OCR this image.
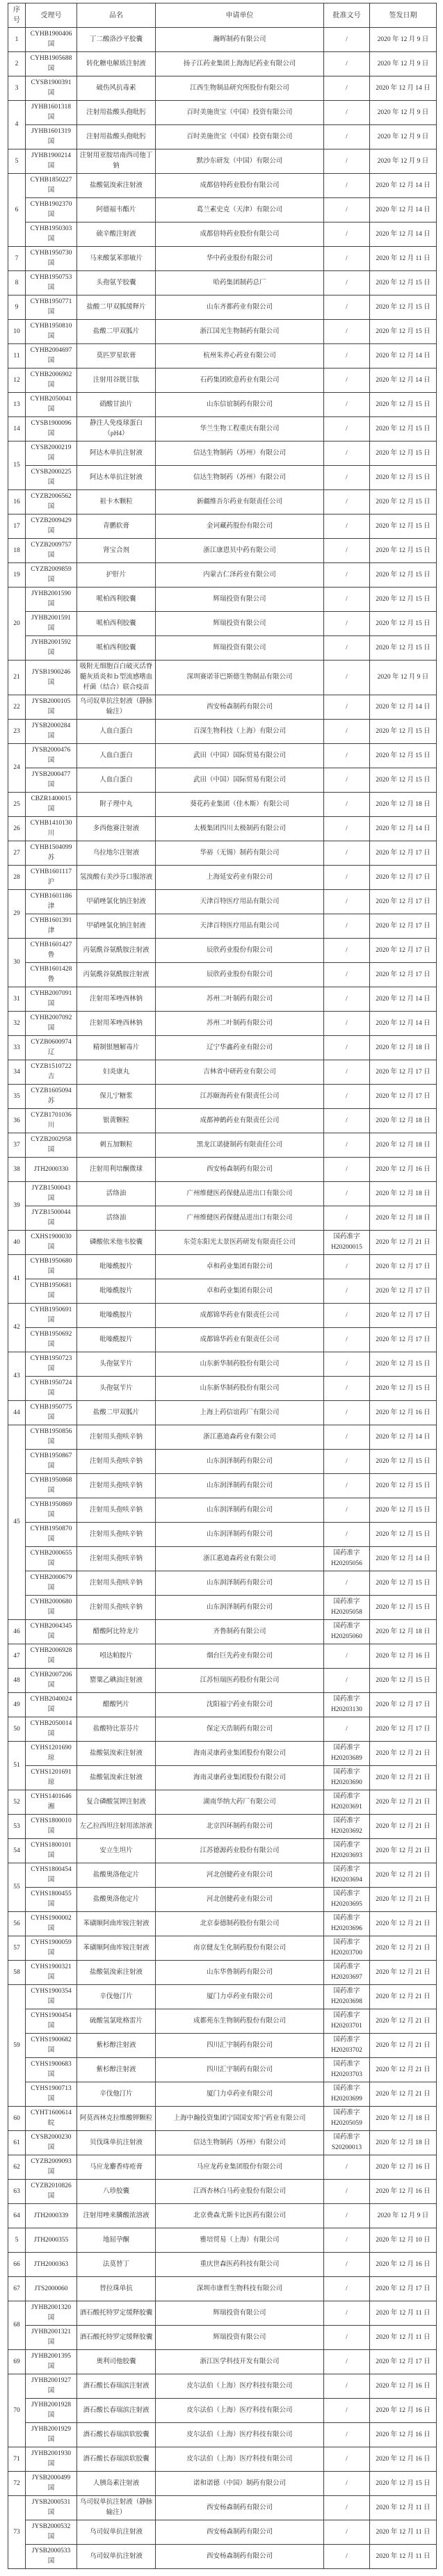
序号	受理号	品名	申请单位	批准文号	签发日期
1	CYHB1900406 国	丁二酸洛沙平胶囊	瀚晖制药有限公司	/	2020 年 12 月 9 日
2	CYHB1905688 国	转化糖电解质注射液	扬子江药业集团上海海尼药业有限公司	/	2020 年 12 月 9 日
3	CYSB1900391 国	破伤风抗毒素	江西生物制品研究所股份有限公司	/	2020 年 12 月 14 日
4	JYHB1601318 国	注射用盐酸头孢吡肟	百时美施贵宝（中国）投资有限公司	/	2020 年 12 月 9 日
	JYHB1601319 国	注射用盐酸头孢吡肟	百时美施贵宝（中国）投资有限公司	/	2020 年 12 月 9 日
5	JYHB1900214 国	注射用亚胺培南西司他丁钠	默沙东研发（中国）有限公司	/	2020 年 12 月 9 日
6	CYHB1850227 国	盐酸氨溴索注射液	成都倍特药业股份有限公司	/	2020 年 12 月 14 日
	CYHB1902370 国	阿德福韦酯片	葛兰素史克（天津）有限公司	/	2020 年 12 月 14 日
	CYHB1950303 国	硫辛酸注射液	成都倍特药业股份有限公司	/	2020 年 12 月 14 日
7	CYHB1950730 国	马来酸氯苯那敏片	华中药业股份有限公司	/	2020 年 12 月 11 日
8	CYHB1950753 国	头孢氨苄胶囊	哈药集团制药总厂	/	2020 年 12 月 15 日
9	CYHB1950771 国	盐酸二甲双胍缓释片	山东齐都药业有限公司	/	2020 年 12 月 15 日
10	CYHB1950810 国	盐酸二甲双胍片	浙江国光生物制药有限公司	/	2020 年 12 月 15 日
11	CYHB2004697 国	莫匹罗星软膏	杭州朱养心药业有限公司	/	2020 年 12 月 14 日
12	CYHB2006902 国	注射用谷胱甘肽	石药集团欧意药业有限公司	/	2020 年 12 月 14 日
13	CYHB2050041 国	硝酸甘油片	山东信谊制药有限公司	/	2020 年 12 月 15 日
14	CYSB1900096 国	静注人免疫球蛋白（pH4）	华兰生物工程重庆有限公司	/	2020 年 12 月 15 日
15	CYSB2000219 国	阿达木单抗注射液	信达生物制药（苏州）有限公司	/	2020 年 12 月 15 日
	CYSB2000225 国	阿达木单抗注射液	信达生物制药（苏州）有限公司	/	2020 年 12 月 15 日
16	CYZB2006562 国	祖卡木颗粒	新疆维吾尔药业有限责任公司	/	2020 年 12 月 15 日
17	CYZB2009429 国	青鹏软膏	金诃藏药股份有限公司	/	2020 年 12 月 15 日
18	CYZB2009757 国	肾宝合剂	浙江康恩贝中药有限公司	/	2020 年 12 月 15 日
19	CYZB2009859 国	护肝片	内蒙古仁泽药业有限公司	/	2020 年 12 月 15 日
20	JYHB2001590 国	哌柏西利胶囊	辉瑞投资有限公司	/	2020 年 12 月 15 日
	JYHB2001591 国	哌柏西利胶囊	辉瑞投资有限公司	/	2020 年 12 月 15 日
	JYHB2001592 国	哌柏西利胶囊	辉瑞投资有限公司	/	2020 年 12 月 15 日
21	JYSB1900246 国	吸附无细胞百白破灭活脊髓灰质炎和ｂ型流感嗜血杆菌（结合）联合疫苗	深圳赛诺菲巴斯德生物制品有限公司	/	2020 年 12 月 9 日
22	JYSB2000105 国	乌司奴单抗注射液（静脉输注）	西安杨森制药有限公司	/	2020 年 12 月 14 日
23	JYSB2000284 国	人血白蛋白	百深生物科技（上海）有限公司	/	2020 年 12 月 15 日
24	JYSB2000476 国	人血白蛋白	武田（中国）国际贸易有限公司	/	2020 年 12 月 15 日
	JYSB2000477 国	人血白蛋白	武田（中国）国际贸易有限公司	/	2020 年 12 月 15 日
25	CBZR1400015 国	附子理中丸	葵花药业集团（佳木斯）有限公司	/	2020 年 12 月 18 日
26	CYHB1410130 川	多西他赛注射液	太极集团四川太极制药有限公司	/	2020 年 12 月 14 日
27	CYHB1504099 苏	乌拉地尔注射液	华裕（无锡）制药有限公司	/	2020 年 12 月 17 日
28	CYHB1601117 沪	氢溴酸右美沙芬口服溶液	上海延安药业有限公司	/	2020 年 12 月 17 日
29	CYHB1601186 津	甲硝唑氯化钠注射液	天津百特医疗用品有限公司	/	2020 年 12 月 17 日
	CYHB1601391 津	甲硝唑氯化钠注射液	天津百特医疗用品有限公司	/	2020 年 12 月 17 日
30	CYHB1601427 鲁	丙氨酰谷氨酰胺注射液	辰欣药业股份有限公司	/	2020 年 12 月 17 日
	CYHB1601428 鲁	丙氨酰谷氨酰胺注射液	辰欣药业股份有限公司	/	2020 年 12 月 17 日
31	CYHB2007091 国	注射用苯唑西林钠	苏州二叶制药有限公司	/	2020 年 12 月 14 日
32	CYHB2007092 国	注射用苯唑西林钠	苏州二叶制药有限公司	/	2020 年 12 月 14 日
33	CYZB0600974 辽	精制银翘解毒片	辽宁华鑫药业有限公司	/	2020 年 12 月 18 日
34	CYZB1510722 吉	妇炎康丸	吉林省中研药业有限公司	/	2020 年 12 月 17 日
35	CYZB1605094 苏	保儿宁糖浆	江苏颐海药业有限责任公司	/	2020 年 12 月 17 日
36	CYZB1701036 川	银黄颗粒	成都神鹤药业有限责任公司	/	2020 年 12 月 18 日
37	CYZB2002958 国	刺五加颗粒	黑龙江诺捷制药有限责任公司	/	2020 年 12 月 18 日
38	JTH2000330	注射用利培酮微球	西安杨森制药有限公司	/	2020 年 12 月 16 日
39	JYZB1500043 国	活络油	广州维健医药保健品进出口有限公司	/	2020 年 12 月 18 日
	JYZB1500044 国	活络油	广州维健医药保健品进出口有限公司	/	2020 年 12 月 18 日
40	CXHS1900030 国	磷酸依米他韦胶囊	东莞东阳光太景医药研发有限责任公司	国药准字H20200015	2020 年 12 月 21 日
41	CYHB1950680 国	吡嗪酰胺片	卓和药业集团有限公司	/	2020 年 12 月 17 日
	CYHB1950681 国	吡嗪酰胺片	卓和药业集团有限公司	/	2020 年 12 月 17 日
42	CYHB1950691 国	吡嗪酰胺片	成都锦华药业有限责任公司	/	2020 年 12 月 17 日
	CYHB1950692 国	吡嗪酰胺片	成都锦华药业有限责任公司	/	2020 年 12 月 17 日
43	CYHB1950723 国	头孢氨苄片	山东新华制药股份有限公司	/	2020 年 12 月 15 日
	CYHB1950724 国	头孢氨苄片	山东新华制药股份有限公司	/	2020 年 12 月 15 日
44	CYHB1950775 国	盐酸二甲双胍片	上海上药信谊药厂有限公司	/	2020 年 12 月 16 日
45	CYHB1950856 国	注射用头孢呋辛钠	浙江惠迪森药业有限公司	/	2020 年 12 月 14 日
	CYHB1950867 国	注射用头孢呋辛钠	山东润泽制药有限公司	/	2020 年 12 月 15 日
	CYHB1950868 国	注射用头孢呋辛钠	山东润泽制药有限公司	/	2020 年 12 月 15 日
	CYHB1950869 国	注射用头孢呋辛钠	山东润泽制药有限公司	/	2020 年 12 月 15 日
	CYHB1950870 国	注射用头孢呋辛钠	山东润泽制药有限公司	/	2020 年 12 月 15 日
	CYHB2000655 国	注射用头孢呋辛钠	浙江惠迪森药业有限公司	国药准字H20205056	2020 年 12 月 14 日
	CYHB2000679 国	注射用头孢呋辛钠	山东润泽制药有限公司	/	2020 年 12 月 15 日
	CYHB2000680 国	注射用头孢呋辛钠	山东润泽制药有限公司	国药准字H20205058	2020 年 12 月 15 日
46	CYHB2004345 国	醋酸阿比特龙片	齐鲁制药有限公司	国药准字H20205060	2020 年 12 月 18 日
47	CYHB2006928 国	吲达帕胺片	烟台巨先药业有限公司	/	2020 年 12 月 16 日
48	CYHB2007206 国	罂粟乙碘油注射液	江苏恒瑞医药股份有限公司	/	2020 年 12 月 15 日
49	CYHB2040024 国	醋酸钙片	沈阳福宁药业有限公司	国药准字H20203130	2020 年 12 月 17 日
50	CYHB2050014 国	盐酸特比萘芬片	保定天浩制药有限公司	/	2020 年 12 月 17 日
51	CYHS1201690 琼	盐酸氨溴索注射液	海南灵康药业集团股份有限公司	国药准字H20203689	2020 年 12 月 21 日
	CYHS1201691 琼	盐酸氨溴索注射液	海南灵康药业集团股份有限公司	国药准字H20203690	2020 年 12 月 21 日
52	CYHS1401646 湘	复合磷酸氢钾注射液	湖南华纳大药厂有限公司	国药准字H20203691	2020 年 12 月 21 日
53	CYHS1800010 国	左乙拉西坦注射用浓溶液	北京四环制药有限公司	国药准字H20203692	2020 年 12 月 21 日
54	CYHS1800101 国	安立生坦片	江苏德源药业股份有限公司	国药准字H20203693	2020 年 12 月 21 日
55	CYHS1800454 国	盐酸奥洛他定片	河北创健药业有限公司	国药准字H20203694	2020 年 12 月 21 日
	CYHS1800455 国	盐酸奥洛他定片	河北创健药业有限公司	国药准字H20203695	2020 年 12 月 21 日
56	CYHS1900002 国	苯磺顺阿曲库铵注射液	北京泰德制药股份有限公司	国药准字H20203696	2020 年 12 月 21 日
57	CYHS1900059 国	苯磺顺阿曲库铵注射液	南京健友生化制药股份有限公司	国药准字H20203700	2020 年 12 月 21 日
58	CYHS1900321 国	盐酸氨溴索注射液	山东华鲁制药有限公司	国药准字H20203697	2020 年 12 月 21 日
59	CYHS1900354 国	辛伐他汀片	厦门力卓药业有限公司	国药准字H20203698	2020 年 12 月 21 日
	CYHS1900454 国	硫酸氢氯吡格雷片	成都苑东生物制药股份有限公司	国药准字H20203701	2020 年 12 月 21 日
	CYHS1900682 国	紫杉醇注射液	四川汇宇制药有限公司	国药准字H20203702	2020 年 12 月 21 日
	CYHS1900683 国	紫杉醇注射液	四川汇宇制药有限公司	国药准字H20203703	2020 年 12 月 21 日
	CYHS1900713 国	辛伐他汀片	厦门力卓药业有限公司	国药准字H20203699	2020 年 12 月 21 日
60	CYHT1600614 皖	阿莫西林克拉维酸钾颗粒	上海中瀚投资集团宁国国安邦宁药业有限公司	国药准字H20205059	2020 年 12 月 18 日
61	CYSB2000230 国	贝伐珠单抗注射液	信达生物制药（苏州）有限公司	国药准字S20200013	2020 年 12 月 18 日
62	CYZB2009093 国	马应龙麝香痔疮膏	马应龙药业集团股份有限公司	/	2020 年 12 月 16 日
63	CYZB2010826 国	八珍胶囊	江西杏林白马药业股份有限公司	/	2020 年 12 月 16 日
64	JTH2000339	注射用唑来膦酸浓溶液	北京费森尤斯卡比医药有限公司	/	2020 年 12 月 9 日
5	JTH2000355	地屈孕酮	雅培贸易（上海）有限公司	/	2020 年 12 月 10 日
66	JTH2000363	法莫替丁	重庆世森医药科技有限公司	/	2020 年 12 月 16 日
67	JTS2000060	替拉珠单抗	深圳市康哲生物科技有限公司	/	2020 年 12 月 17 日
68	JYHB2001320 国	酒石酸托特罗定缓释胶囊	辉瑞投资有限公司	/	2020 年 12 月 11 日
	JYHB2001321 国	酒石酸托特罗定缓释胶囊	辉瑞投资有限公司	/	2020 年 12 月 11 日
69	JYHB2001395 国	奥利司他胶囊	浙江医学科技开发有限公司	/	2020 年 12 月 17 日
70	JYHB2001927 国	酒石酸长春瑞滨注射液	皮尔法伯（上海）医疗科技有限公司	/	2020 年 12 月 16 日
	JYHB2001928 国	酒石酸长春瑞滨注射液	皮尔法伯（上海）医疗科技有限公司	/	2020 年 12 月 16 日
	JYHB2001929 国	酒石酸长春瑞滨软胶囊	皮尔法伯（上海）医疗科技有限公司	/	2020 年 12 月 16 日
71	JYHB2001930 国	酒石酸长春瑞滨软胶囊	皮尔法伯（上海）医疗科技有限公司	/	2020 年 12 月 16 日
72	JYSB2000499 国	人胰岛素注射液	诺和诺德（中国）制药有限公司	/	2020 年 12 月 15 日
73	JYSB2000531 国	乌司奴单抗注射液（静脉输注）	西安杨森制药有限公司	/	2020 年 12 月 11 日
	JYSB2000532 国	乌司奴单抗注射液	西安杨森制药有限公司	/	2020 年 12 月 11 日
	JYSB2000533 国	乌司奴单抗注射液	西安杨森制药有限公司	/	2020 年 12 月 11 日
